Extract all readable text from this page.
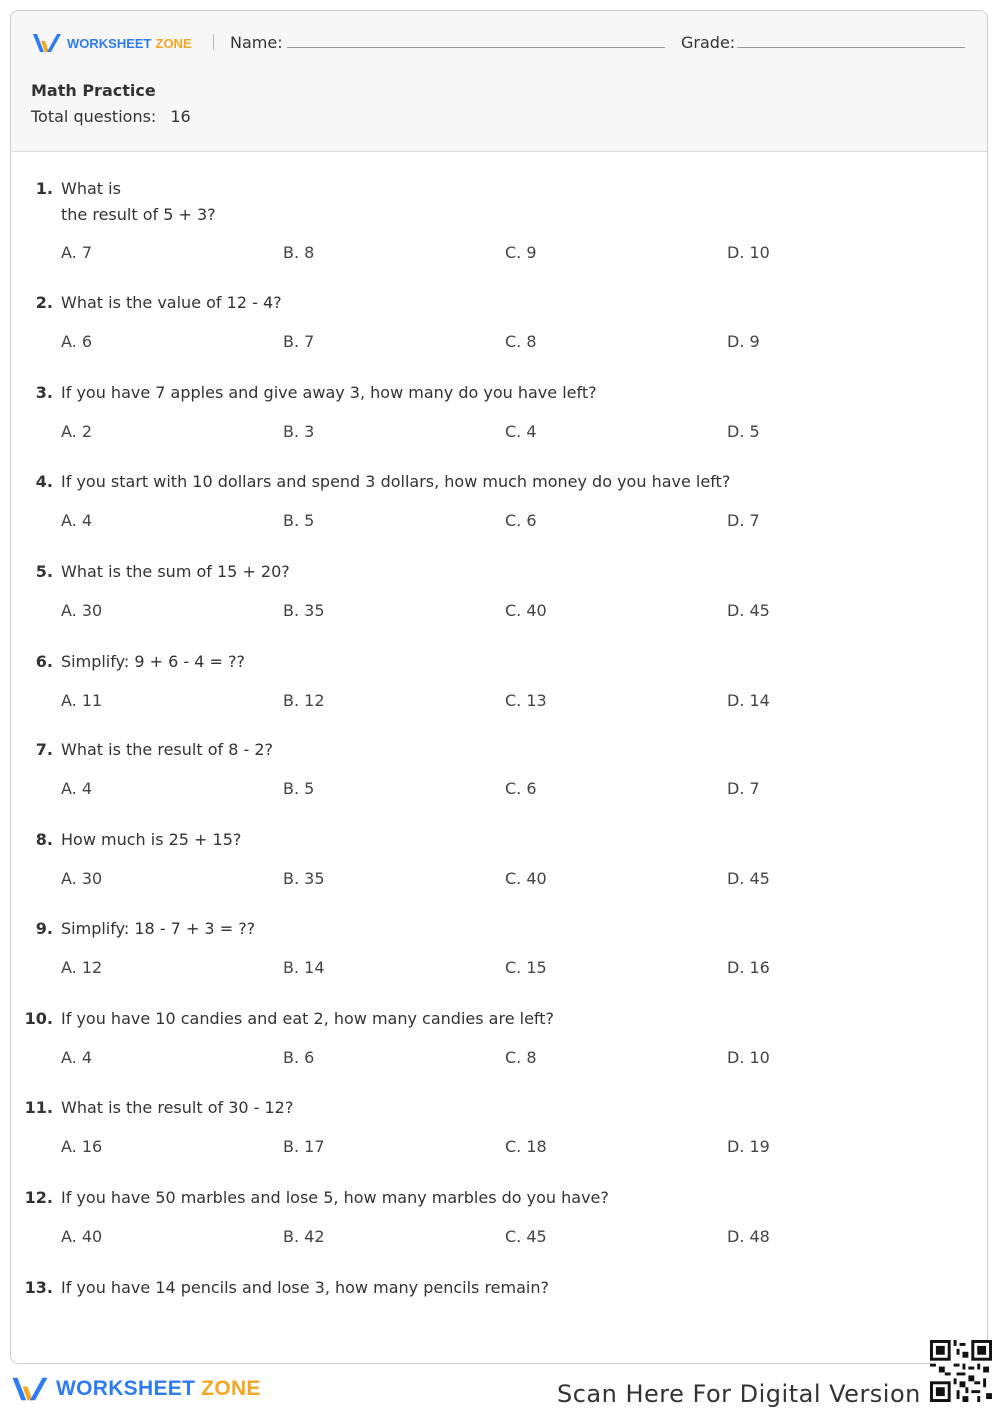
WORKSHEET ZONE Name:	Grade:
Math Practice
Total questions: 16
1. What is
the result of 5 + 3?
A. 7	B. 8	C. 9	D. 10
2. What is the value of 12 - 4?
A. 6	B. 7	C. 8	D. 9
3. If you have 7 apples and give away 3, how many do you have left?
A. 2	B. 3	C. 4	D. 5
4. If you start with 10 dollars and spend 3 dollars, how much money do you have left?
A. 4	B. 5	C. 6	D. 7
5. What is the sum of 15 + 20?
A. 30	B. 35	C. 40	D. 45
6. Simplify: 9 + 6 - 4 = ??
A. 11	B. 12	C. 13	D. 14
7. What is the result of 8 - 2?
A. 4	B. 5	C. 6	D. 7
8. How much is 25 + 15?
A. 30	B. 35	C. 40	D. 45
9. Simplify: 18 - 7 + 3 = ??
A. 12	B. 14	C. 15	D. 16
10. If you have 10 candies and eat 2, how many candies are left?
A. 4	B. 6	C. 8	D. 10
11. What is the result of 30 - 12?
A. 16	B. 17	C. 18	D. 19
12. If you have 50 marbles and lose 5, how many marbles do you have?
A. 40	B. 42	C. 45	D. 48
13. If you have 14 pencils and lose 3, how many pencils remain?
WORKSHEET ZONE	Scan Here For Digital Version
